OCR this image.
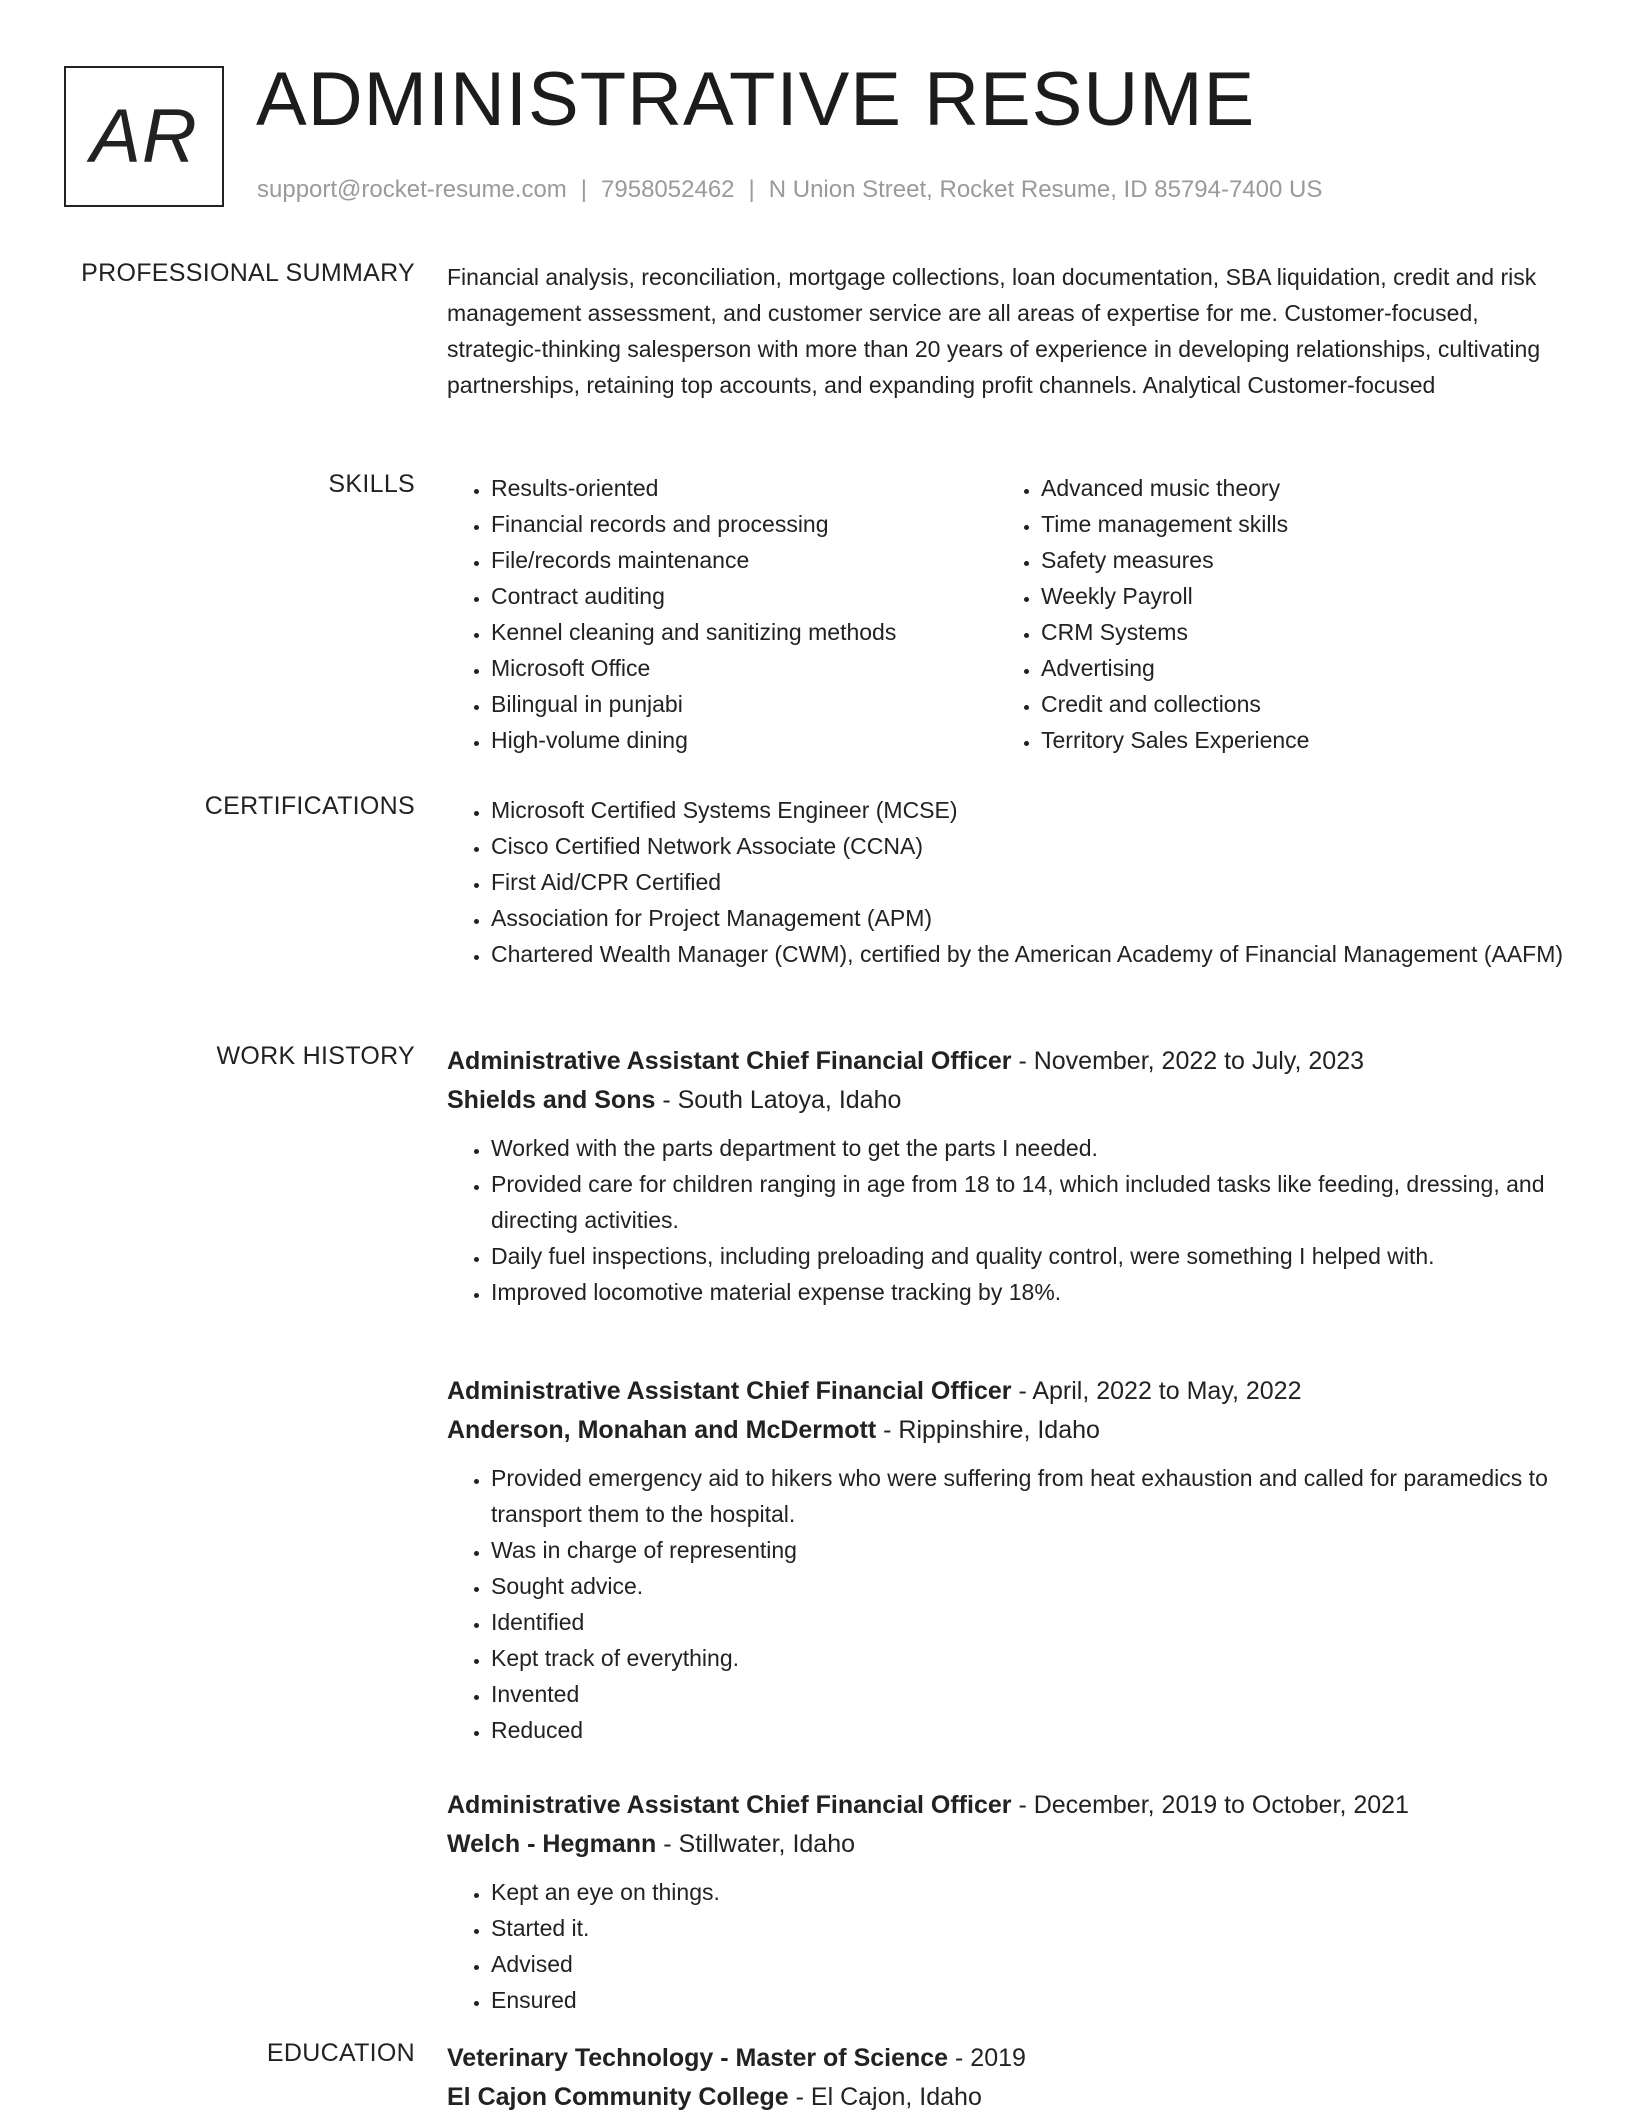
AR ADMINISTRATIVE RESUME
support@rocket-resume.com | 7958052462 | N Union Street, Rocket Resume, ID 85794-7400 US
PROFESSIONAL SUMMARY Financial analysis, reconciliation, mortgage collections, loan documentation, SBA liquidation, credit and risk management assessment, and customer service are all areas of expertise for me. Customer-focused, strategic-thinking salesperson with more than 20 years of experience in developing relationships, cultivating partnerships, retaining top accounts, and expanding profit channels. Analytical Customer-focused

SKILLS	• Results-oriented
• Financial records and processing
• File/records maintenance
• Contract auditing
• Kennel cleaning and sanitizing methods
• Microsoft Office
• Bilingual in punjabi
• High-volume dining
• Advanced music theory
• Time management skills
• Safety measures
• Weekly Payroll
• CRM Systems
• Advertising
• Credit and collections
• Territory Sales Experience
CERTIFICATIONS	• Microsoft Certified Systems Engineer (MCSE)
• Cisco Certified Network Associate (CCNA)
• First Aid/CPR Certified
• Association for Project Management (APM)
• Chartered Wealth Manager (CWM), certified by the American Academy of Financial Management (AAFM)
WORK HISTORY Administrative Assistant Chief Financial Officer - November, 2022 to July, 2023
Shields and Sons - South Latoya, Idaho
• Worked with the parts department to get the parts I needed.
• Provided care for children ranging in age from 18 to 14, which included tasks like feeding, dressing, and directing activities.
• Daily fuel inspections, including preloading and quality control, were something I helped with.
• Improved locomotive material expense tracking by 18%.
Administrative Assistant Chief Financial Officer - April, 2022 to May, 2022
Anderson, Monahan and McDermott - Rippinshire, Idaho
• Provided emergency aid to hikers who were suffering from heat exhaustion and called for paramedics to transport them to the hospital.
• Was in charge of representing
• Sought advice.
• Identified
• Kept track of everything.
• Invented
• Reduced
Administrative Assistant Chief Financial Officer - December, 2019 to October, 2021
Welch - Hegmann - Stillwater, Idaho
• Kept an eye on things.
• Started it.
• Advised
• Ensured
EDUCATION Veterinary Technology - Master of Science - 2019
El Cajon Community College - El Cajon, Idaho
